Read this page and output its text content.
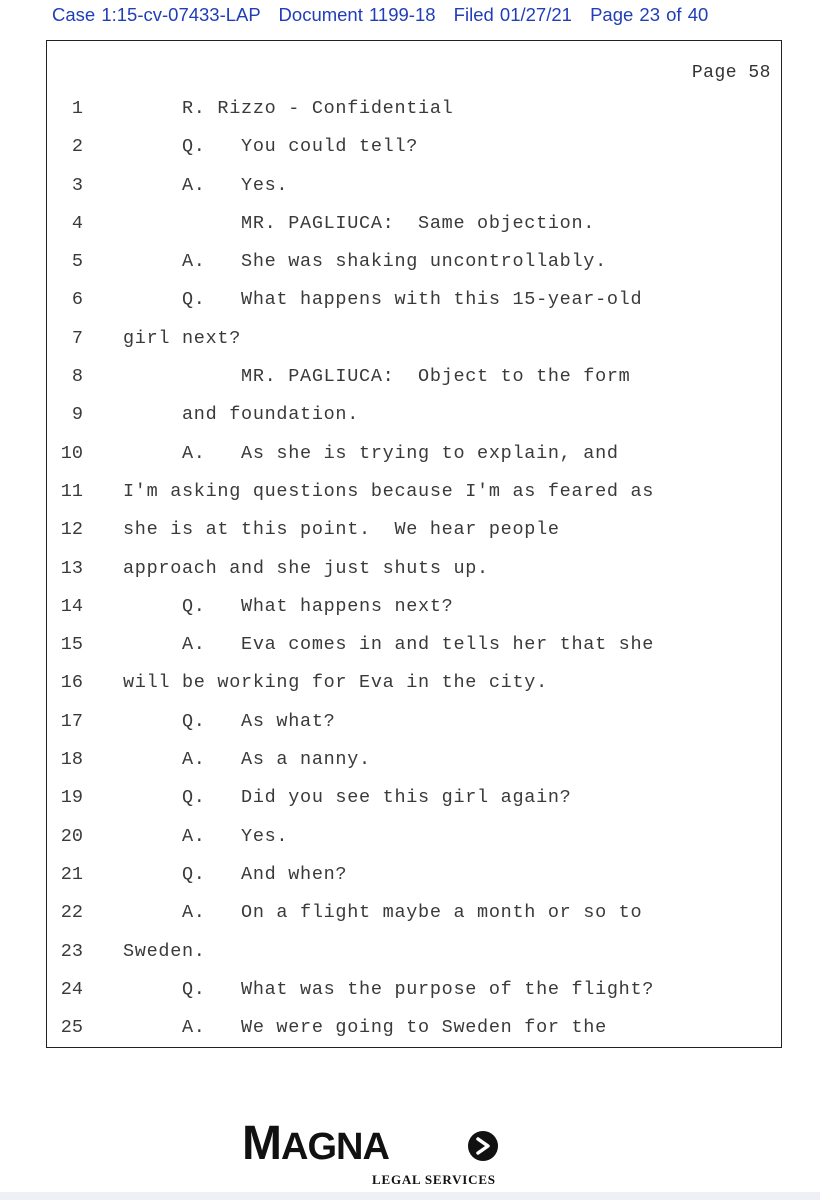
Case 1:15-cv-07433-LAP Document 1199-18 Filed 01/27/21 Page 23 of 40
Page 58
1 R. Rizzo - Confidential
2 Q.   You could tell?
3 A.   Yes.
4 MR. PAGLIUCA:  Same objection.
5 A.   She was shaking uncontrollably.
6 Q.   What happens with this 15-year-old
7 girl next?
8 MR. PAGLIUCA:  Object to the form
9 and foundation.
10 A.   As she is trying to explain, and
11 I'm asking questions because I'm as feared as
12 she is at this point.  We hear people
13 approach and she just shuts up.
14 Q.   What happens next?
15 A.   Eva comes in and tells her that she
16 will be working for Eva in the city.
17 Q.   As what?
18 A.   As a nanny.
19 Q.   Did you see this girl again?
20 A.   Yes.
21 Q.   And when?
22 A.   On a flight maybe a month or so to
23 Sweden.
24 Q.   What was the purpose of the flight?
25 A.   We were going to Sweden for the
MAGNA
LEGAL SERVICES
